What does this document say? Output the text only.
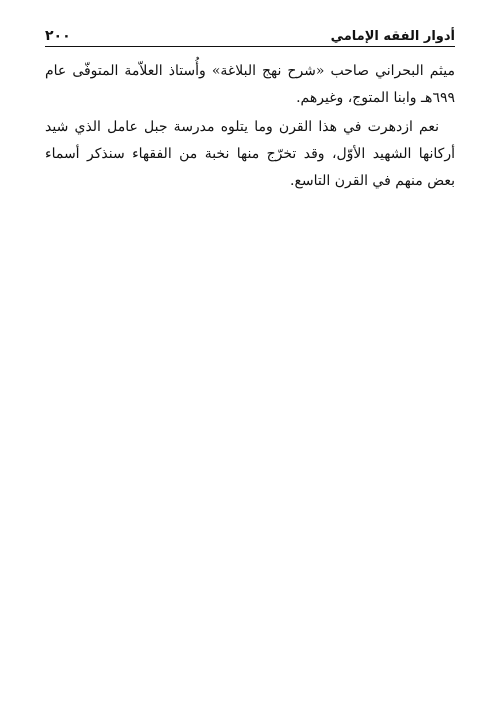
٢٠٠	أدوار الفقه الإمامي

ميثم البحراني صاحب «شرح نهج البلاغة» وأُستاذ العلاّمة المتوفّى عام ٦٩٩هـ وابنا المتوج، وغيرهم.

نعم ازدهرت في هذا القرن وما يتلوه مدرسة جبل عامل الذي شيد أركانها الشهيد الأوّل، وقد تخرّج منها نخبة من الفقهاء سنذكر أسماء بعض منهم في القرن التاسع.
